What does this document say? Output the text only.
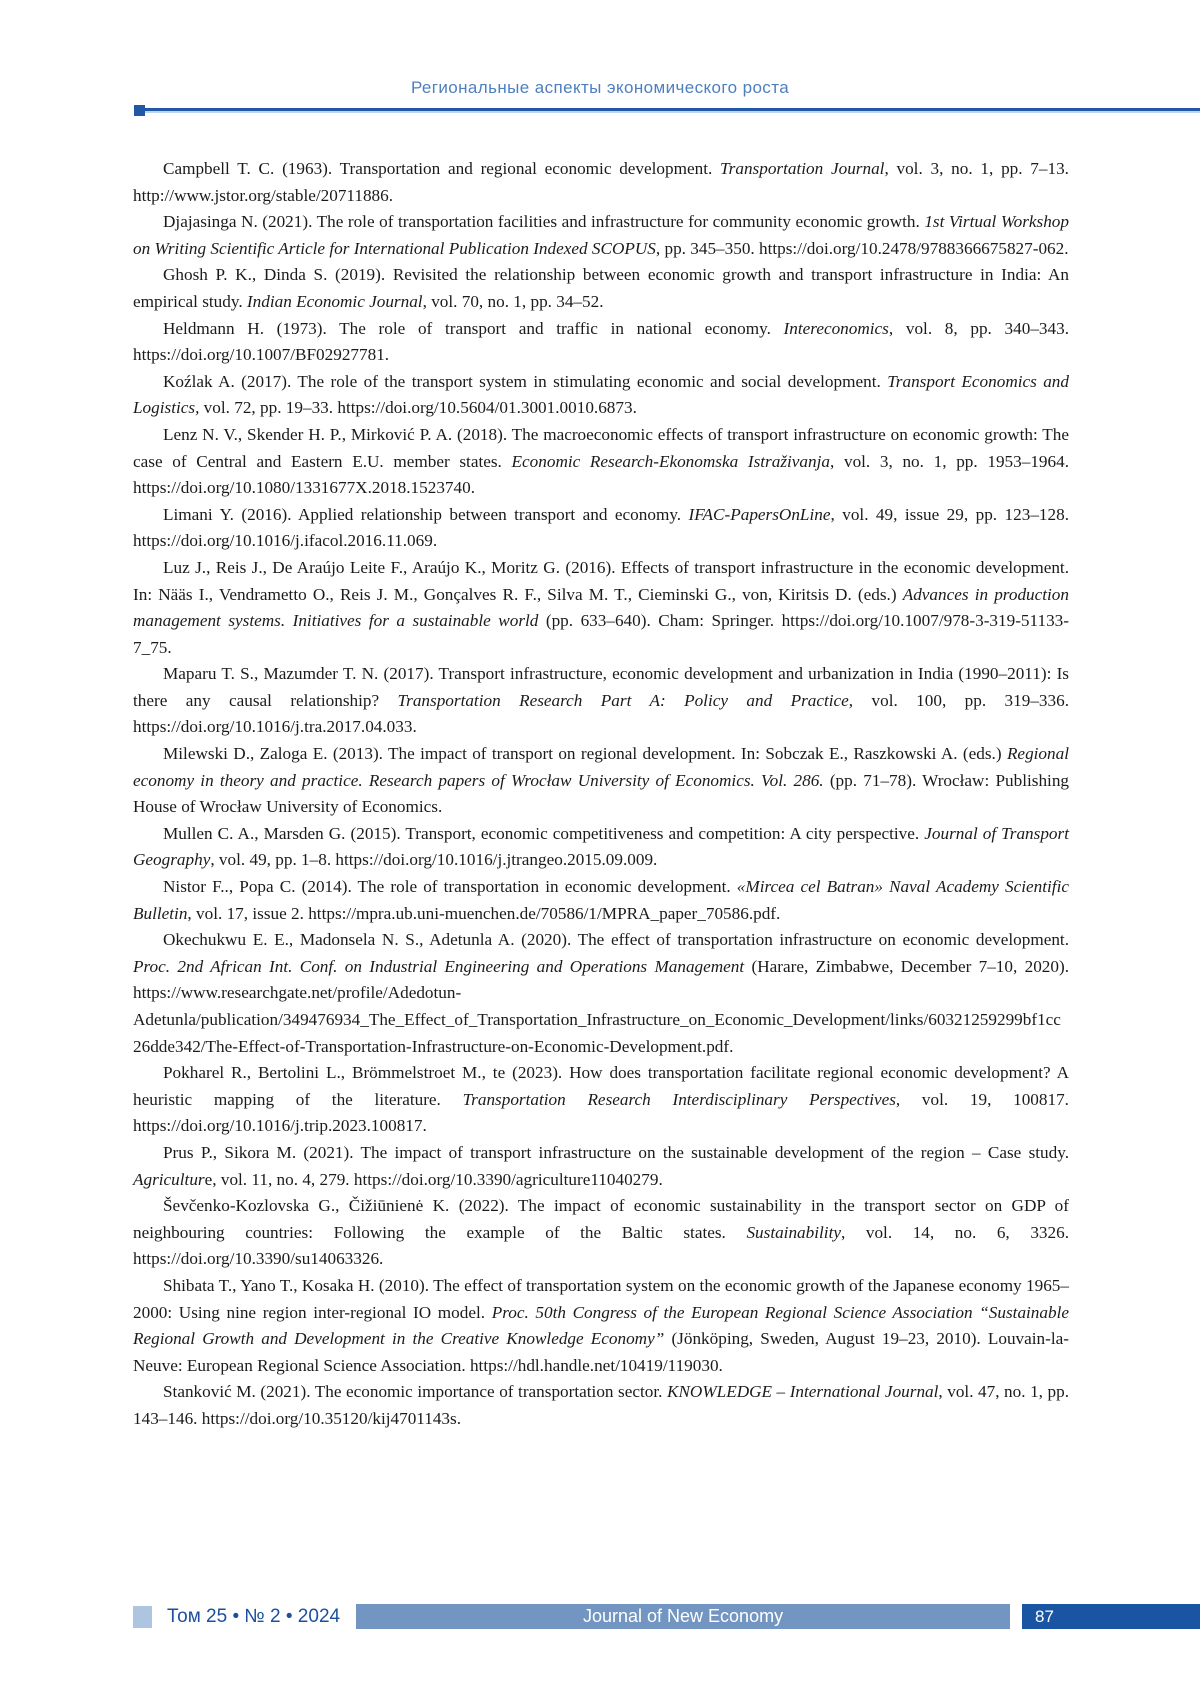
Региональные аспекты экономического роста

Campbell T. C. (1963). Transportation and regional economic development. Transportation Journal, vol. 3, no. 1, pp. 7–13. http://www.jstor.org/stable/20711886.

Djajasinga N. (2021). The role of transportation facilities and infrastructure for community economic growth. 1st Virtual Workshop on Writing Scientific Article for International Publication Indexed SCOPUS, pp. 345–350. https://doi.org/10.2478/9788366675827-062.

Ghosh P. K., Dinda S. (2019). Revisited the relationship between economic growth and transport infrastructure in India: An empirical study. Indian Economic Journal, vol. 70, no. 1, pp. 34–52.

Heldmann H. (1973). The role of transport and traffic in national economy. Intereconomics, vol. 8, pp. 340–343. https://doi.org/10.1007/BF02927781.

Koźlak A. (2017). The role of the transport system in stimulating economic and social development. Transport Economics and Logistics, vol. 72, pp. 19–33. https://doi.org/10.5604/01.3001.0010.6873.

Lenz N. V., Skender H. P., Mirković P. A. (2018). The macroeconomic effects of transport infrastructure on economic growth: The case of Central and Eastern E.U. member states. Economic Research-Ekonomska Istraživanja, vol. 3, no. 1, pp. 1953–1964. https://doi.org/10.1080/1331677X.2018.1523740.

Limani Y. (2016). Applied relationship between transport and economy. IFAC-PapersOnLine, vol. 49, issue 29, pp. 123–128. https://doi.org/10.1016/j.ifacol.2016.11.069.

Luz J., Reis J., De Araújo Leite F., Araújo K., Moritz G. (2016). Effects of transport infrastructure in the economic development. In: Nääs I., Vendrametto O., Reis J. M., Gonçalves R. F., Silva M. T., Cieminski G., von, Kiritsis D. (eds.) Advances in production management systems. Initiatives for a sustainable world (pp. 633–640). Cham: Springer. https://doi.org/10.1007/978-3-319-51133-7_75.

Maparu T. S., Mazumder T. N. (2017). Transport infrastructure, economic development and urbanization in India (1990–2011): Is there any causal relationship? Transportation Research Part A: Policy and Practice, vol. 100, pp. 319–336. https://doi.org/10.1016/j.tra.2017.04.033.

Milewski D., Zaloga E. (2013). The impact of transport on regional development. In: Sobczak E., Raszkowski A. (eds.) Regional economy in theory and practice. Research papers of Wrocław University of Economics. Vol. 286. (pp. 71–78). Wrocław: Publishing House of Wrocław University of Economics.

Mullen C. A., Marsden G. (2015). Transport, economic competitiveness and competition: A city perspective. Journal of Transport Geography, vol. 49, pp. 1–8. https://doi.org/10.1016/j.jtrangeo.2015.09.009.

Nistor F.., Popa C. (2014). The role of transportation in economic development. «Mircea cel Batran» Naval Academy Scientific Bulletin, vol. 17, issue 2. https://mpra.ub.uni-muenchen.de/70586/1/MPRA_paper_70586.pdf.

Okechukwu E. E., Madonsela N. S., Adetunla A. (2020). The effect of transportation infrastructure on economic development. Proc. 2nd African Int. Conf. on Industrial Engineering and Operations Management (Harare, Zimbabwe, December 7–10, 2020). https://www.researchgate.net/profile/Adedotun-Adetunla/publication/349476934_The_Effect_of_Transportation_Infrastructure_on_Economic_Development/links/60321259299bf1cc26dde342/The-Effect-of-Transportation-Infrastructure-on-Economic-Development.pdf.

Pokharel R., Bertolini L., Brömmelstroet M., te (2023). How does transportation facilitate regional economic development? A heuristic mapping of the literature. Transportation Research Interdisciplinary Perspectives, vol. 19, 100817. https://doi.org/10.1016/j.trip.2023.100817.

Prus P., Sikora M. (2021). The impact of transport infrastructure on the sustainable development of the region – Case study. Agriculture, vol. 11, no. 4, 279. https://doi.org/10.3390/agriculture11040279.

Ševčenko-Kozlovska G., Čižiūnienė K. (2022). The impact of economic sustainability in the transport sector on GDP of neighbouring countries: Following the example of the Baltic states. Sustainability, vol. 14, no. 6, 3326. https://doi.org/10.3390/su14063326.

Shibata T., Yano T., Kosaka H. (2010). The effect of transportation system on the economic growth of the Japanese economy 1965–2000: Using nine region inter-regional IO model. Proc. 50th Congress of the European Regional Science Association “Sustainable Regional Growth and Development in the Creative Knowledge Economy” (Jönköping, Sweden, August 19–23, 2010). Louvain-la-Neuve: European Regional Science Association. https://hdl.handle.net/10419/119030.

Stanković M. (2021). The economic importance of transportation sector. KNOWLEDGE – International Journal, vol. 47, no. 1, pp. 143–146. https://doi.org/10.35120/kij4701143s.

Том 25 • № 2 • 2024	Journal of New Economy	87
